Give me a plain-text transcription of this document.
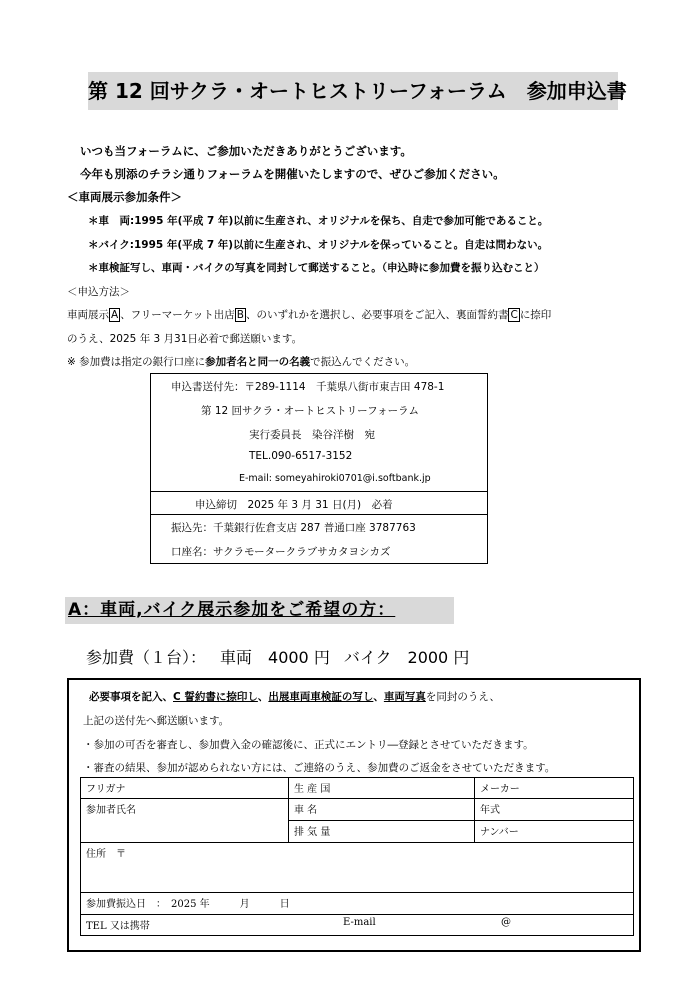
第 12 回サクラ・オートヒストリーフォーラム　参加申込書
いつも当フォーラムに、ご参加いただきありがとうございます。
今年も別添のチラシ通りフォーラムを開催いたしますので、ぜひご参加ください。
＜車両展示参加条件＞
＊車　両:1995 年(平成 7 年)以前に生産され、オリジナルを保ち、自走で参加可能であること。
＊バイク:1995 年(平成 7 年)以前に生産され、オリジナルを保っていること。自走は問わない。
＊車検証写し、車両・バイクの写真を同封して郵送すること。（申込時に参加費を振り込むこと）
＜申込方法＞
車両展示 A 、フリーマーケット出店 B 、のいずれかを選択し、必要事項をご記入、裏面誓約書 C に捺印
のうえ、2025 年 3 月31日必着で郵送願います。
※ 参加費は指定の銀行口座に参加者名と同一の名義で振込んでください。
申込書送付先：〒289-1114　千葉県八街市東吉田 478-1
第 12 回サクラ・オートヒストリーフォーラム
実行委員長　染谷洋樹　宛
TEL.090-6517-3152
E-mail: someyahiroki0701@i.softbank.jp
申込締切　2025 年 3 月 31 日(月)　必着
振込先：千葉銀行佐倉支店 287 普通口座 3787763
口座名：サクラモータークラブサカタヨシカズ
A：車両,バイク展示参加をご希望の方：
参加費（１台）： 車両　4000 円 バイク　2000 円
必要事項を記入、C 誓約書に捺印し、出展車両車検証の写し、車両写真を同封のうえ、
上記の送付先へ郵送願います。
・参加の可否を審査し、参加費入金の確認後に、正式にエントリ―登録とさせていただきます。
・審査の結果、参加が認められない方には、ご連絡のうえ、参加費のご返金をさせていただきます。
フリガナ	生 産 国	メーカー
参加者氏名	車 名	年式
	排 気 量	ナンバー
住所　〒		
参加費振込日　：　2025 年　　　月　　　日		
TEL 又は携帯 E-mail @		
